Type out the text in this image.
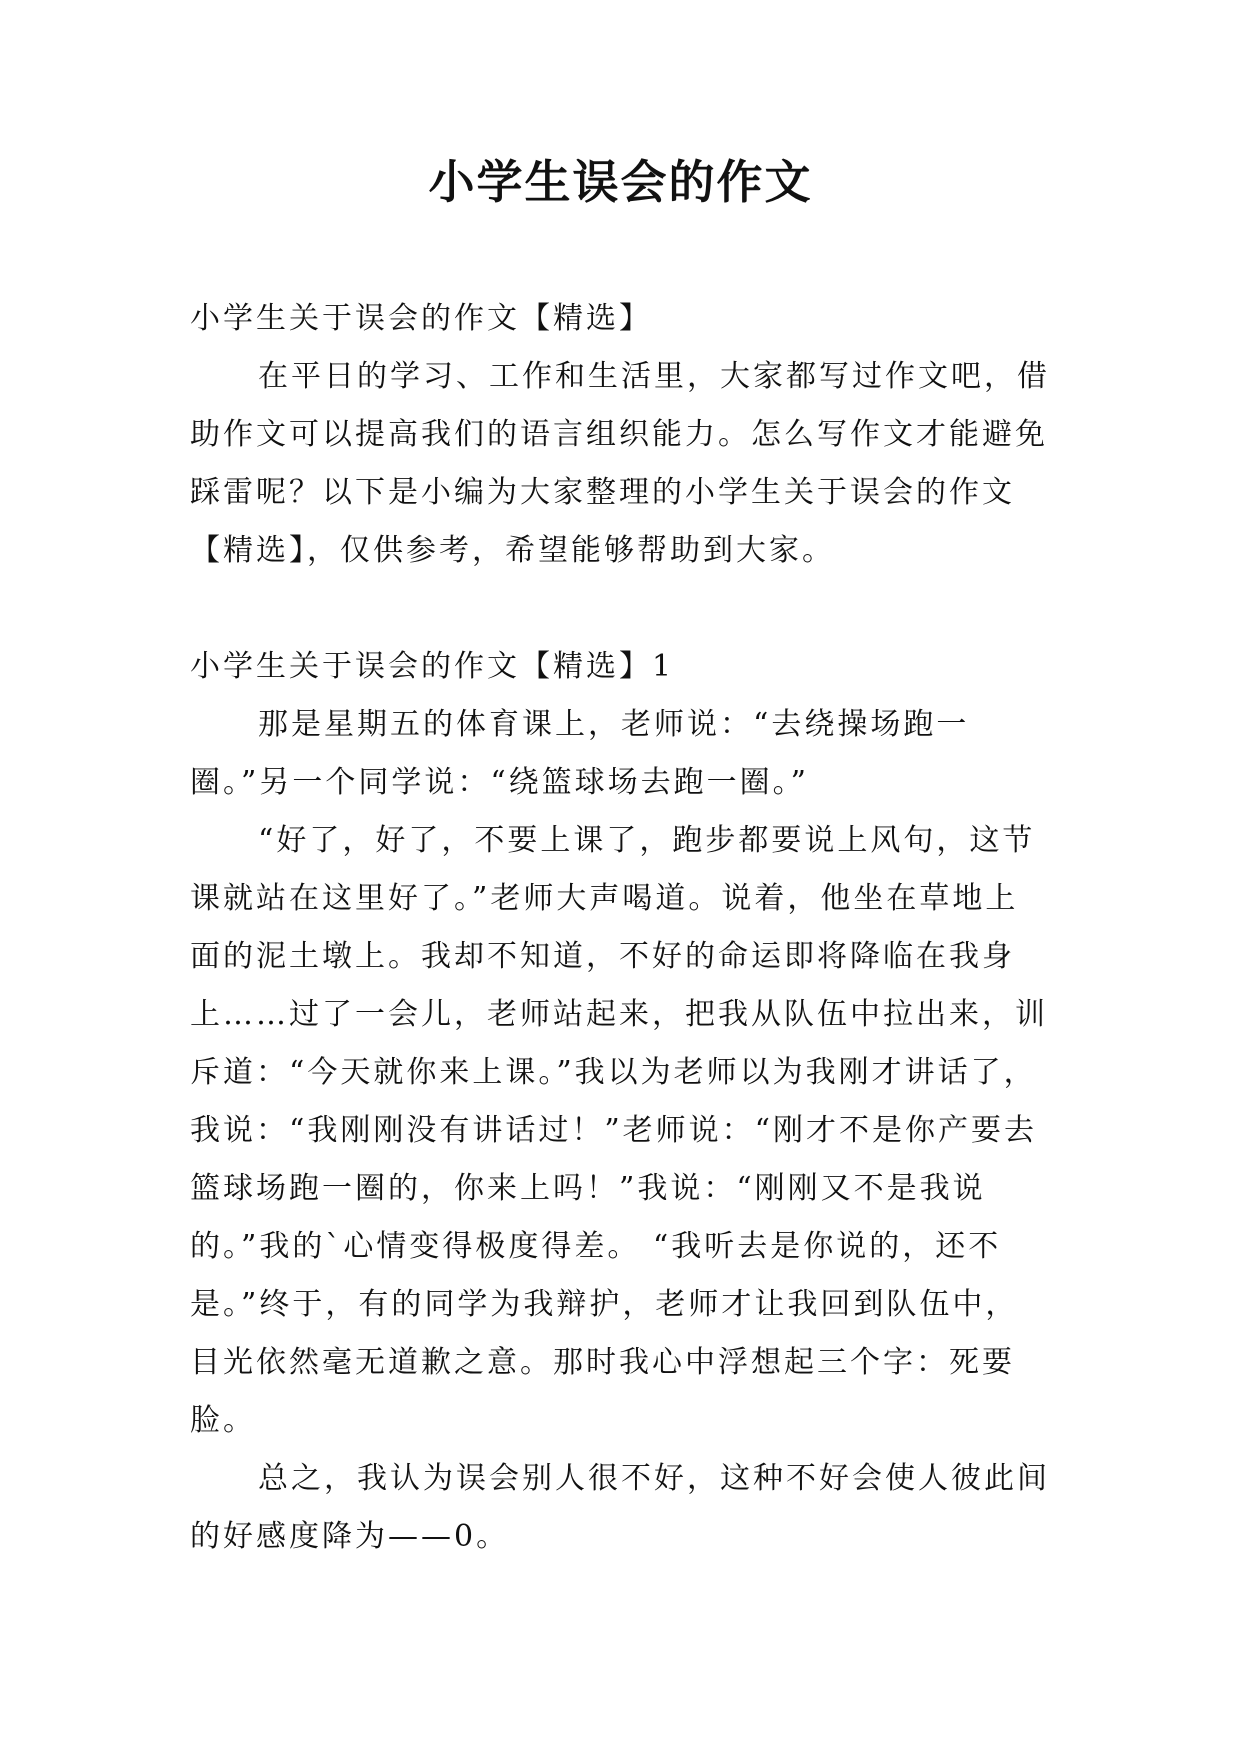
小学生误会的作文

小学生关于误会的作文【精选】

在平日的学习、工作和生活里，大家都写过作文吧，借助作文可以提高我们的语言组织能力。怎么写作文才能避免踩雷呢？以下是小编为大家整理的小学生关于误会的作文【精选】，仅供参考，希望能够帮助到大家。

小学生关于误会的作文【精选】1

那是星期五的体育课上，老师说：“去绕操场跑一圈。”另一个同学说：“绕篮球场去跑一圈。”

“好了，好了，不要上课了，跑步都要说上风句，这节课就站在这里好了。”老师大声喝道。说着，他坐在草地上面的泥土墩上。我却不知道，不好的命运即将降临在我身上……过了一会儿，老师站起来，把我从队伍中拉出来，训斥道：“今天就你来上课。”我以为老师以为我刚才讲话了，我说：“我刚刚没有讲话过！”老师说：“刚才不是你产要去篮球场跑一圈的，你来上吗！”我说：“刚刚又不是我说的。”我的`心情变得极度得差。 “我听去是你说的，还不是。”终于，有的同学为我辩护，老师才让我回到队伍中，目光依然毫无道歉之意。那时我心中浮想起三个字：死要脸。

总之，我认为误会别人很不好，这种不好会使人彼此间的好感度降为——0。
